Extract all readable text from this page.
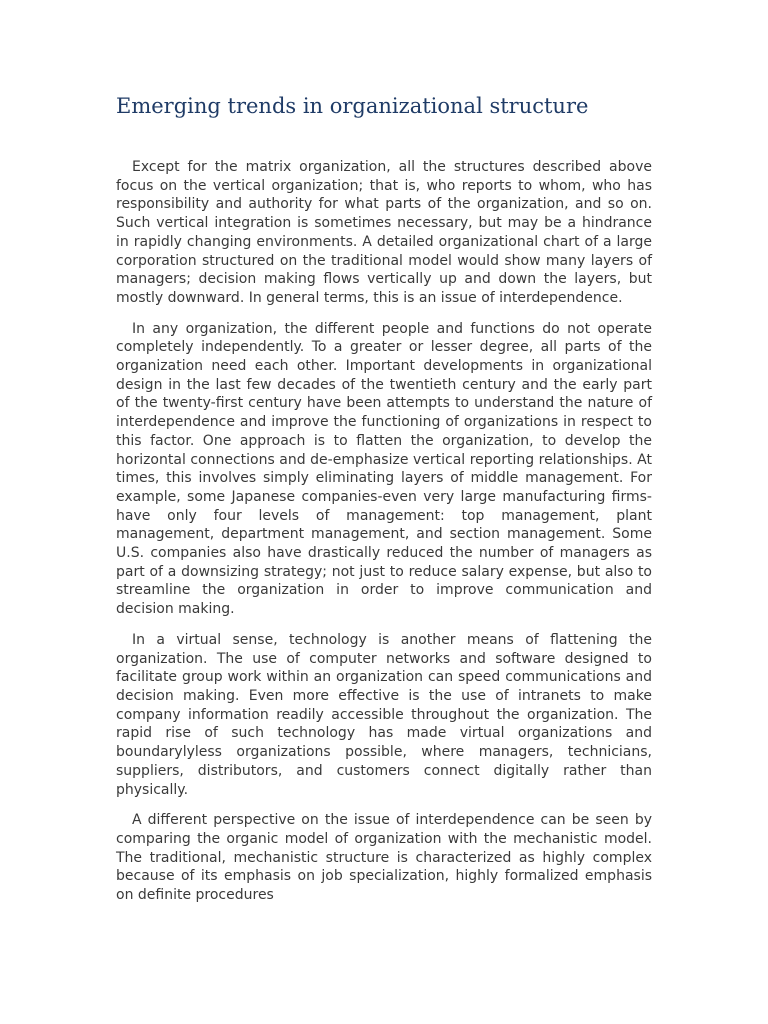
Emerging trends in organizational structure

Except for the matrix organization, all the structures described above focus on the vertical organization; that is, who reports to whom, who has responsibility and authority for what parts of the organization, and so on. Such vertical integration is sometimes necessary, but may be a hindrance in rapidly changing environments. A detailed organizational chart of a large corporation structured on the traditional model would show many layers of managers; decision making flows vertically up and down the layers, but mostly downward. In general terms, this is an issue of interdependence.

In any organization, the different people and functions do not operate completely independently. To a greater or lesser degree, all parts of the organization need each other. Important developments in organizational design in the last few decades of the twentieth century and the early part of the twenty-first century have been attempts to understand the nature of interdependence and improve the functioning of organizations in respect to this factor. One approach is to flatten the organization, to develop the horizontal connections and de-emphasize vertical reporting relationships. At times, this involves simply eliminating layers of middle management. For example, some Japanese companies-even very large manufacturing firms-have only four levels of management: top management, plant management, department management, and section management. Some U.S. companies also have drastically reduced the number of managers as part of a downsizing strategy; not just to reduce salary expense, but also to streamline the organization in order to improve communication and decision making.

In a virtual sense, technology is another means of flattening the organization. The use of computer networks and software designed to facilitate group work within an organization can speed communications and decision making. Even more effective is the use of intranets to make company information readily accessible throughout the organization. The rapid rise of such technology has made virtual organizations and boundarylyless organizations possible, where managers, technicians, suppliers, distributors, and customers connect digitally rather than physically.

A different perspective on the issue of interdependence can be seen by comparing the organic model of organization with the mechanistic model. The traditional, mechanistic structure is characterized as highly complex because of its emphasis on job specialization, highly formalized emphasis on definite procedures
